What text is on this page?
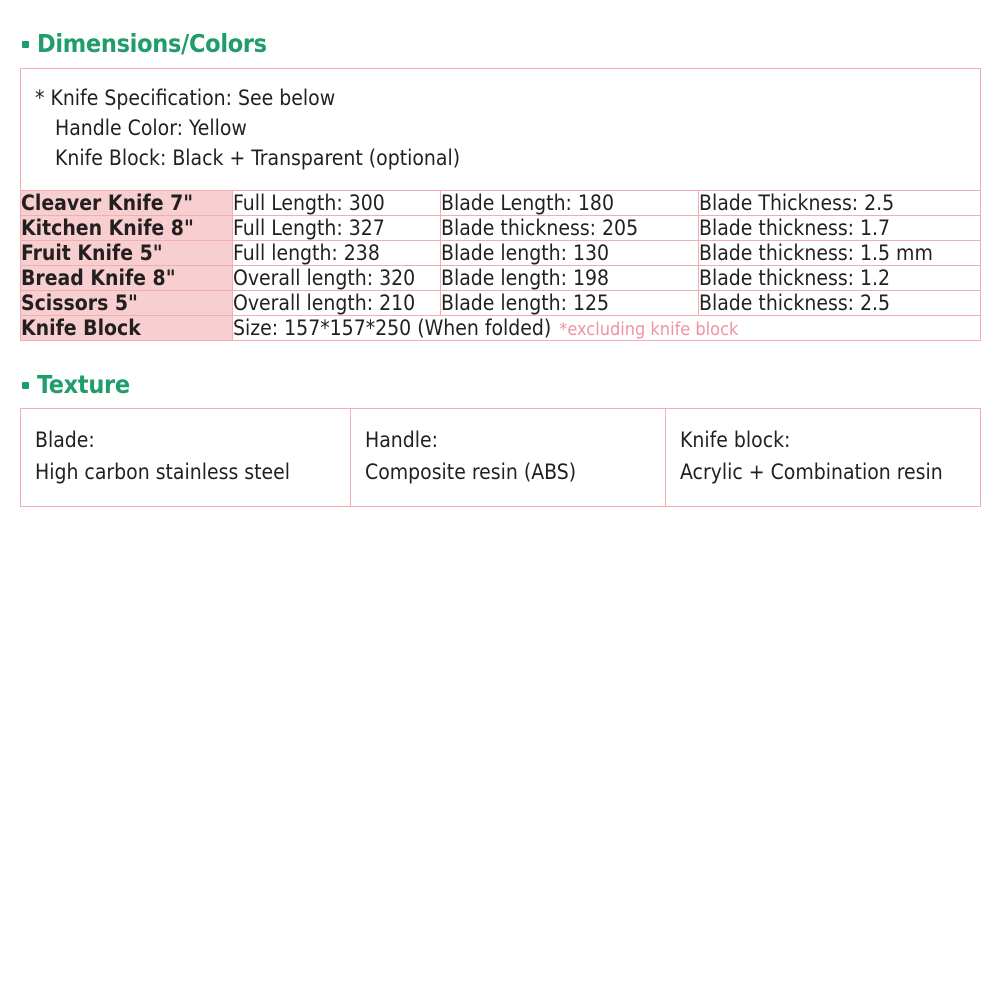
Dimensions/Colors
* Knife Specification: See below
Handle Color: Yellow
Knife Block: Black + Transparent (optional)			

Cleaver Knife 7"	Full Length: 300	Blade Length: 180	Blade Thickness: 2.5
Kitchen Knife 8"	Full Length: 327	Blade thickness: 205	Blade thickness: 1.7
Fruit Knife 5"	Full length: 238	Blade length: 130	Blade thickness: 1.5 mm
Bread Knife 8"	Overall length: 320	Blade length: 198	Blade thickness: 1.2
Scissors 5"	Overall length: 210	Blade length: 125	Blade thickness: 2.5
Knife Block	Size: 157*157*250 (When folded) *excluding knife block		
Texture
Blade:
High carbon stainless steel

Handle:
Composite resin (ABS)

Knife block:
Acrylic + Combination resin
